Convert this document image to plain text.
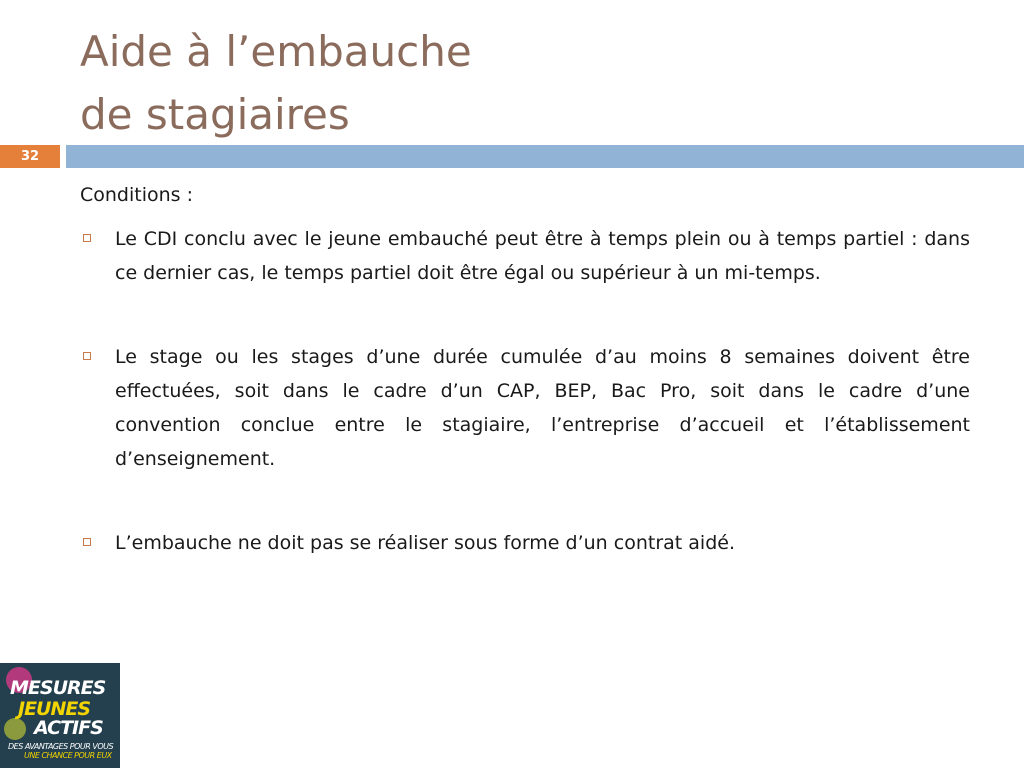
Aide à l’embauche
de stagiaires
32

Conditions :

Le CDI conclu avec le jeune embauché peut être à temps plein ou à temps partiel : dans ce dernier cas, le temps partiel doit être égal ou supérieur à un mi-temps.
Le stage ou les stages d’une durée cumulée d’au moins 8 semaines doivent être effectuées, soit dans le cadre d’un CAP, BEP, Bac Pro, soit dans le cadre d’une convention conclue entre le stagiaire, l’entreprise d’accueil et l’établissement d’enseignement.
L’embauche ne doit pas se réaliser sous forme d’un contrat aidé.
MESURES
JEUNES
ACTIFS
DES AVANTAGES POUR VOUS
UNE CHANCE POUR EUX
